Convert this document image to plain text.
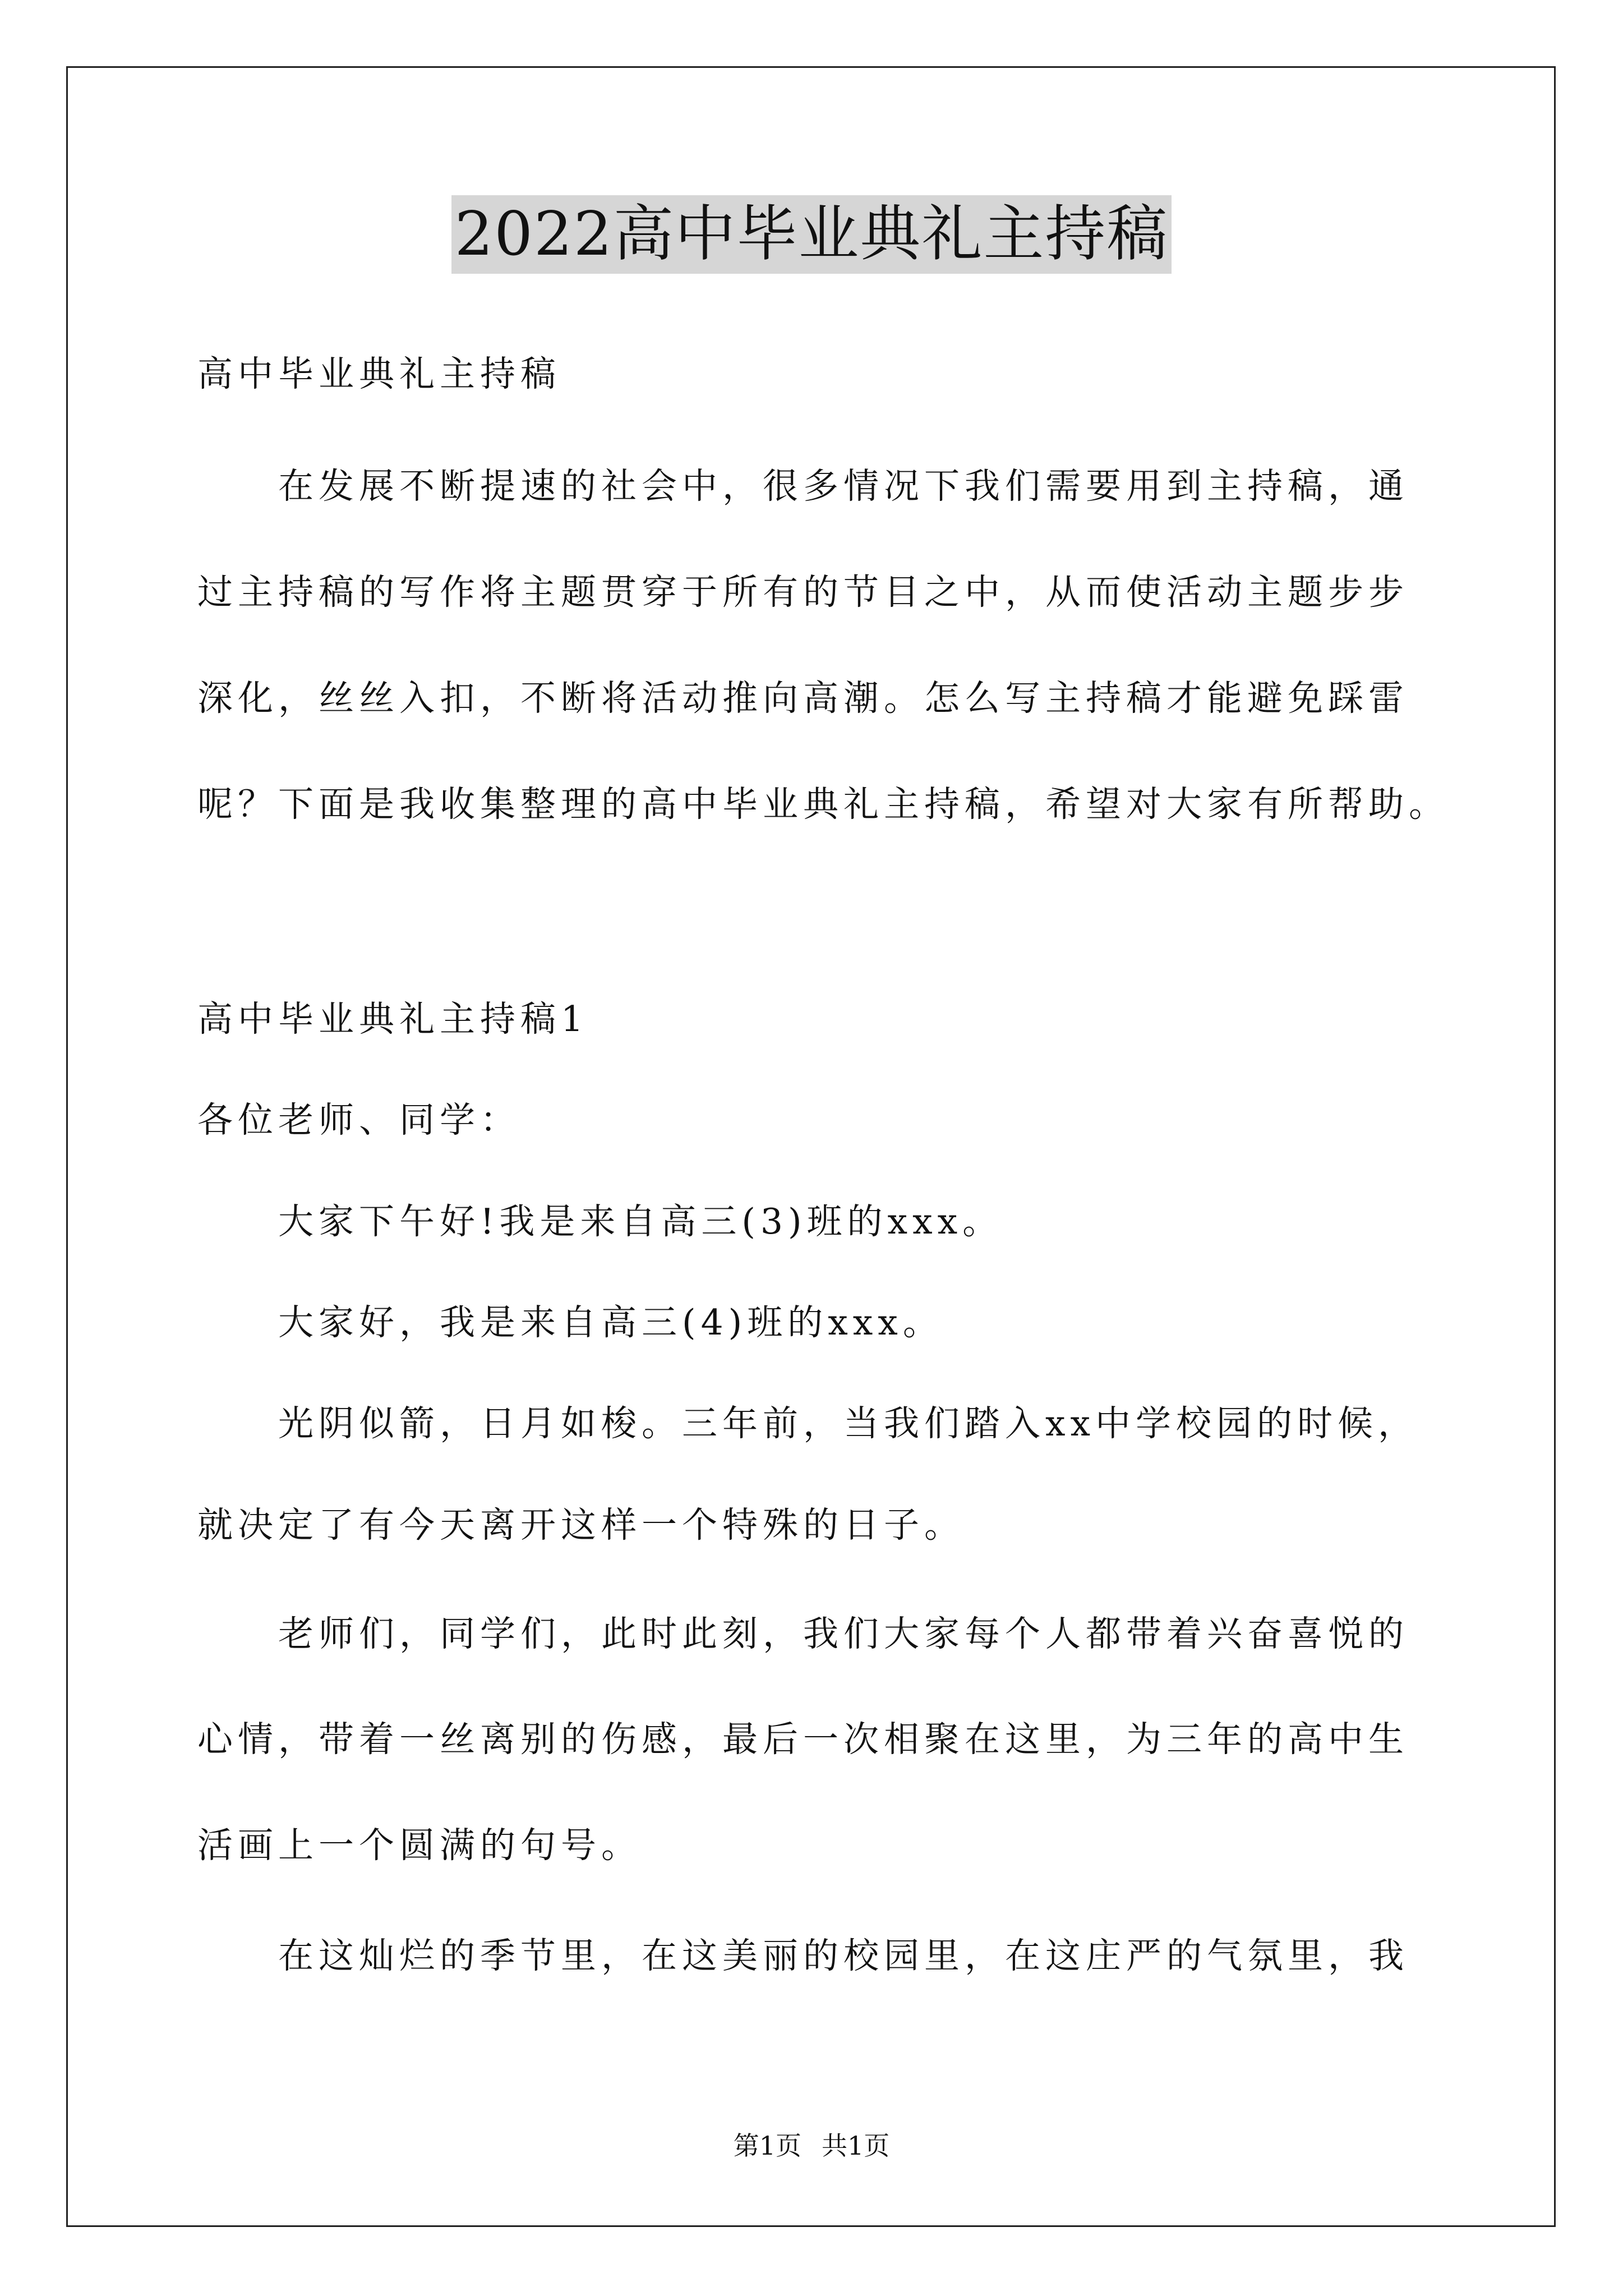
2022高中毕业典礼主持稿
高中毕业典礼主持稿
　　在发展不断提速的社会中，很多情况下我们需要用到主持稿，通
过主持稿的写作将主题贯穿于所有的节目之中，从而使活动主题步步
深化，丝丝入扣，不断将活动推向高潮。怎么写主持稿才能避免踩雷
呢？下面是我收集整理的高中毕业典礼主持稿，希望对大家有所帮助。
高中毕业典礼主持稿1
各位老师、同学：
　　大家下午好!我是来自高三(3)班的xxx。
　　大家好，我是来自高三(4)班的xxx。
　　光阴似箭，日月如梭。三年前，当我们踏入xx中学校园的时候，
就决定了有今天离开这样一个特殊的日子。
　　老师们，同学们，此时此刻，我们大家每个人都带着兴奋喜悦的
心情，带着一丝离别的伤感，最后一次相聚在这里，为三年的高中生
活画上一个圆满的句号。
　　在这灿烂的季节里，在这美丽的校园里，在这庄严的气氛里，我
第1页 共1页
